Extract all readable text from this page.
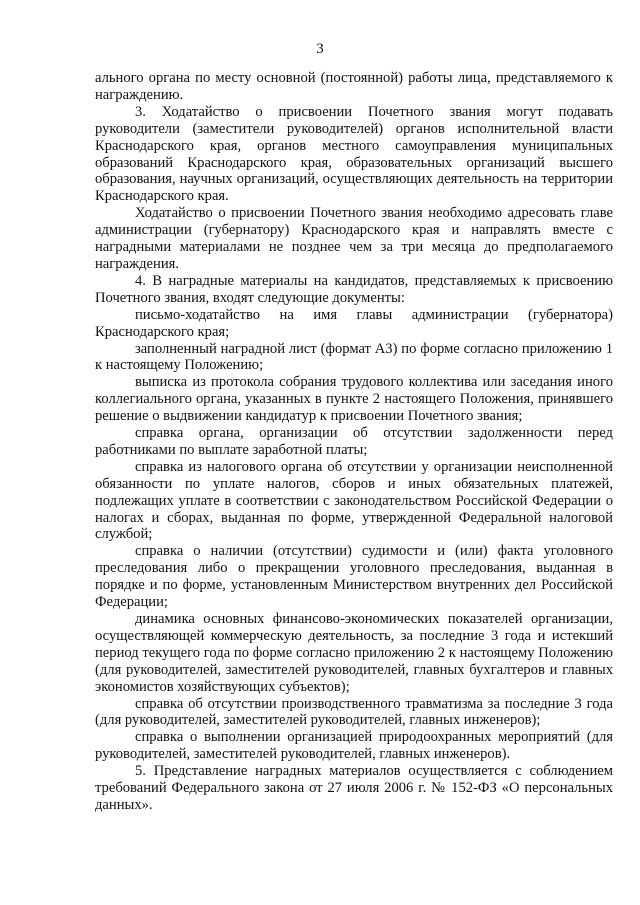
3

ального органа по месту основной (постоянной) работы лица, представляемого к награждению.

3. Ходатайство о присвоении Почетного звания могут подавать руководители (заместители руководителей) органов исполнительной власти Краснодарского края, органов местного самоуправления муниципальных образований Краснодарского края, образовательных организаций высшего образования, научных организаций, осуществляющих деятельность на территории Краснодарского края.

Ходатайство о присвоении Почетного звания необходимо адресовать главе администрации (губернатору) Краснодарского края и направлять вместе с наградными материалами не позднее чем за три месяца до предполагаемого награждения.

4. В наградные материалы на кандидатов, представляемых к присвоению Почетного звания, входят следующие документы:

письмо-ходатайство на имя главы администрации (губернатора) Краснодарского края;

заполненный наградной лист (формат А3) по форме согласно приложению 1 к настоящему Положению;

выписка из протокола собрания трудового коллектива или заседания иного коллегиального органа, указанных в пункте 2 настоящего Положения, принявшего решение о выдвижении кандидатур к присвоении Почетного звания;

справка органа, организации об отсутствии задолженности перед работниками по выплате заработной платы;

справка из налогового органа об отсутствии у организации неисполненной обязанности по уплате налогов, сборов и иных обязательных платежей, подлежащих уплате в соответствии с законодательством Российской Федерации о налогах и сборах, выданная по форме, утвержденной Федеральной налоговой службой;

справка о наличии (отсутствии) судимости и (или) факта уголовного преследования либо о прекращении уголовного преследования, выданная в порядке и по форме, установленным Министерством внутренних дел Российской Федерации;

динамика основных финансово-экономических показателей организации, осуществляющей коммерческую деятельность, за последние 3 года и истекший период текущего года по форме согласно приложению 2 к настоящему Положению (для руководителей, заместителей руководителей, главных бухгалтеров и главных экономистов хозяйствующих субъектов);

справка об отсутствии производственного травматизма за последние 3 года (для руководителей, заместителей руководителей, главных инженеров);

справка о выполнении организацией природоохранных мероприятий (для руководителей, заместителей руководителей, главных инженеров).

5. Представление наградных материалов осуществляется с соблюдением требований Федерального закона от 27 июля 2006 г. № 152-ФЗ «О персональных данных».
